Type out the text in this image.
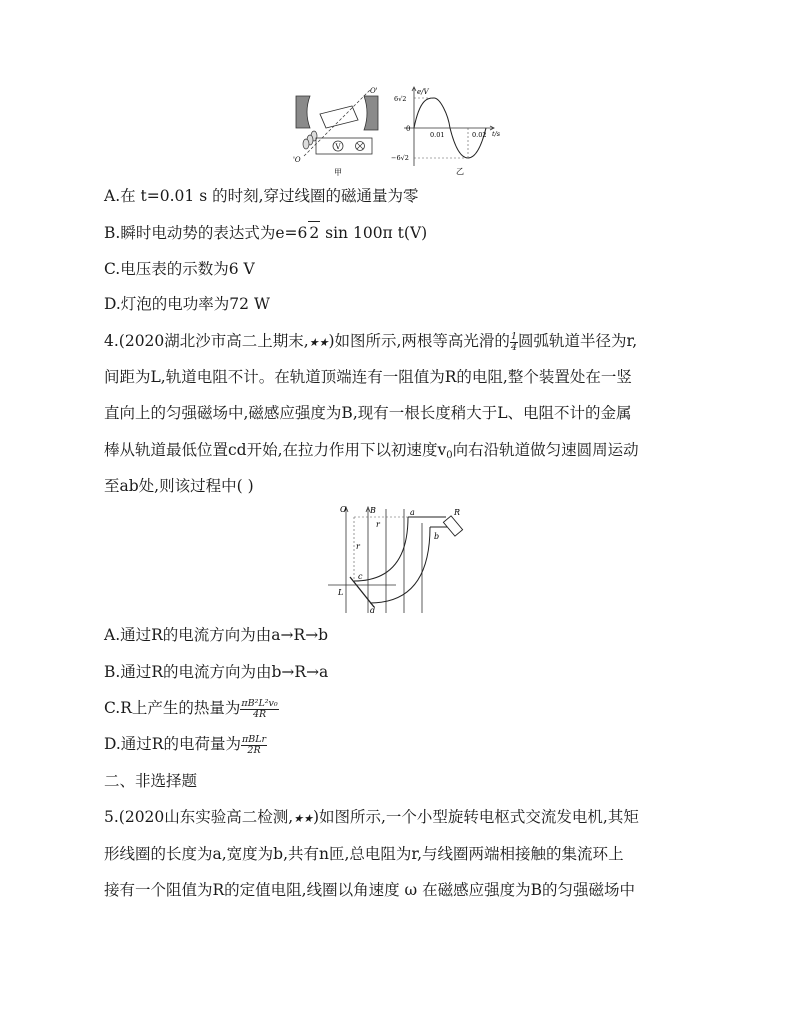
V
O'
'O
甲
e/V
6√2
−6√2
0
0.01	0.02 t/s
乙
A.在 t=0.01 s 的时刻,穿过线圈的磁通量为零
B.瞬时电动势的表达式为e=6 2 sin 100π t(V)
C.电压表的示数为6 V
D.灯泡的电功率为72 W
4.(2020湖北沙市高二上期末,★★)如图所示,两根等高光滑的 $\frac{1}{4}$ 圆弧轨道半径为r,
间距为L,轨道电阻不计。在轨道顶端连有一阻值为R的电阻,整个装置处在一竖
直向上的匀强磁场中,磁感应强度为B,现有一根长度稍大于L、电阻不计的金属
棒从轨道最低位置cd开始,在拉力作用下以初速度$v_0$向右沿轨道做匀速圆周运动
至ab处,则该过程中( )
O	B	a	R
b
r
r
c
L
d
A.通过R的电流方向为由a→R→b
B.通过R的电流方向为由b→R→a
C.R上产生的热量为 $\frac{\text{πB²L²v₀}}{4R}$
D.通过R的电荷量为 $\frac{\text{πBLr}}{2R}$
二、非选择题
5.(2020山东实验高二检测,★★)如图所示,一个小型旋转电枢式交流发电机,其矩
形线圈的长度为a,宽度为b,共有n匝,总电阻为r,与线圈两端相接触的集流环上
接有一个阻值为R的定值电阻,线圈以角速度 ω 在磁感应强度为B的匀强磁场中
